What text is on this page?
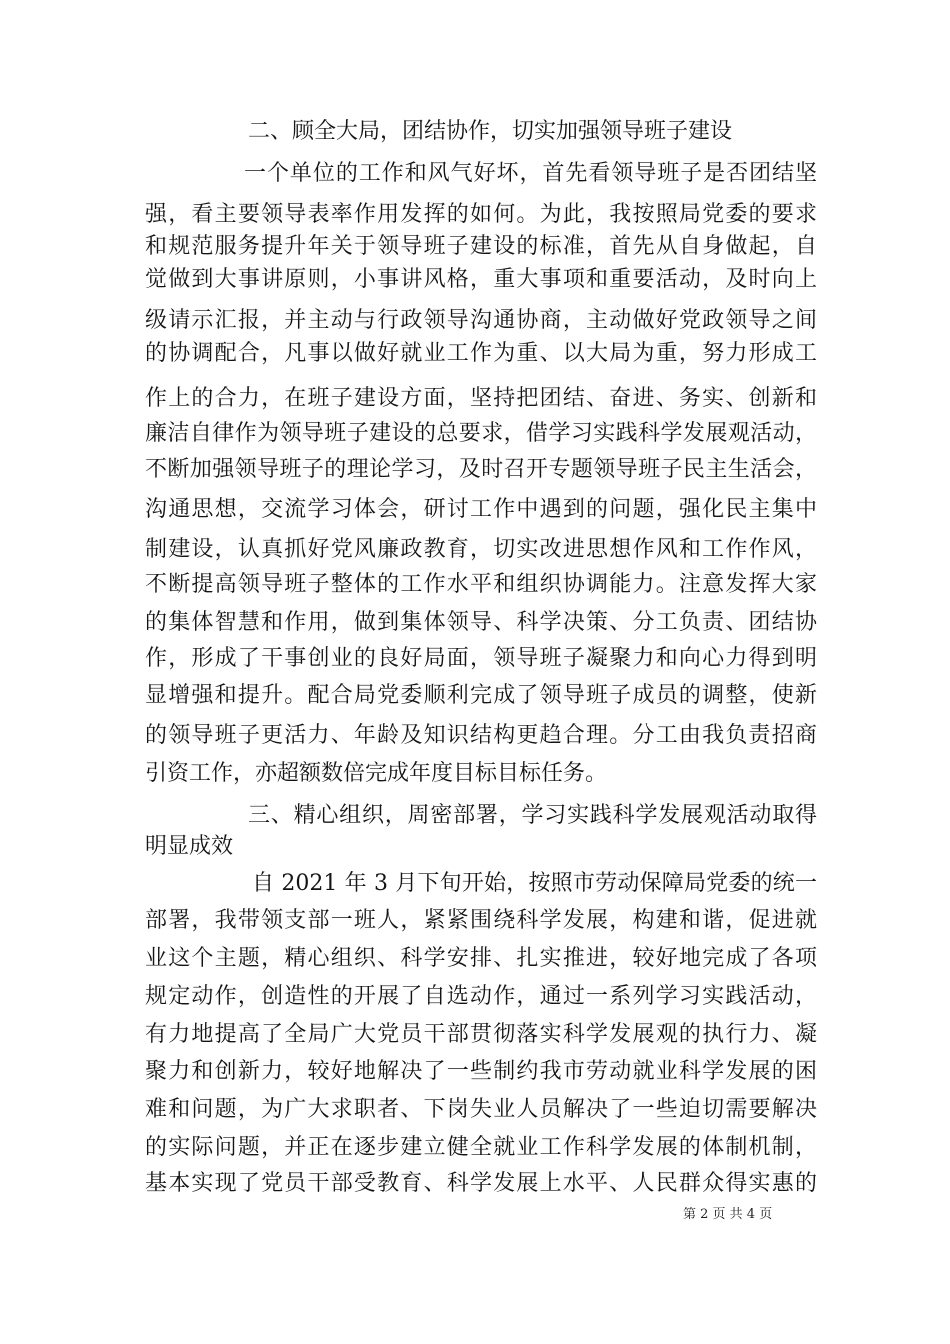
二、顾全大局，团结协作，切实加强领导班子建设
一个单位的工作和风气好坏，首先看领导班子是否团结坚
强，看主要领导表率作用发挥的如何。为此，我按照局党委的要求
和规范服务提升年关于领导班子建设的标准，首先从自身做起，自
觉做到大事讲原则，小事讲风格，重大事项和重要活动，及时向上
级请示汇报，并主动与行政领导沟通协商，主动做好党政领导之间
的协调配合，凡事以做好就业工作为重、以大局为重，努力形成工
作上的合力，在班子建设方面，坚持把团结、奋进、务实、创新和
廉洁自律作为领导班子建设的总要求，借学习实践科学发展观活动，
不断加强领导班子的理论学习，及时召开专题领导班子民主生活会，
沟通思想，交流学习体会，研讨工作中遇到的问题，强化民主集中
制建设，认真抓好党风廉政教育，切实改进思想作风和工作作风，
不断提高领导班子整体的工作水平和组织协调能力。注意发挥大家
的集体智慧和作用，做到集体领导、科学决策、分工负责、团结协
作，形成了干事创业的良好局面，领导班子凝聚力和向心力得到明
显增强和提升。配合局党委顺利完成了领导班子成员的调整，使新
的领导班子更活力、年龄及知识结构更趋合理。分工由我负责招商
引资工作，亦超额数倍完成年度目标目标任务。
三、精心组织，周密部署，学习实践科学发展观活动取得
明显成效
自 2021 年 3 月下旬开始，按照市劳动保障局党委的统一
部署，我带领支部一班人，紧紧围绕科学发展，构建和谐，促进就
业这个主题，精心组织、科学安排、扎实推进，较好地完成了各项
规定动作，创造性的开展了自选动作，通过一系列学习实践活动，
有力地提高了全局广大党员干部贯彻落实科学发展观的执行力、凝
聚力和创新力，较好地解决了一些制约我市劳动就业科学发展的困
难和问题，为广大求职者、下岗失业人员解决了一些迫切需要解决
的实际问题，并正在逐步建立健全就业工作科学发展的体制机制，
基本实现了党员干部受教育、科学发展上水平、人民群众得实惠的
第 2 页 共 4 页
